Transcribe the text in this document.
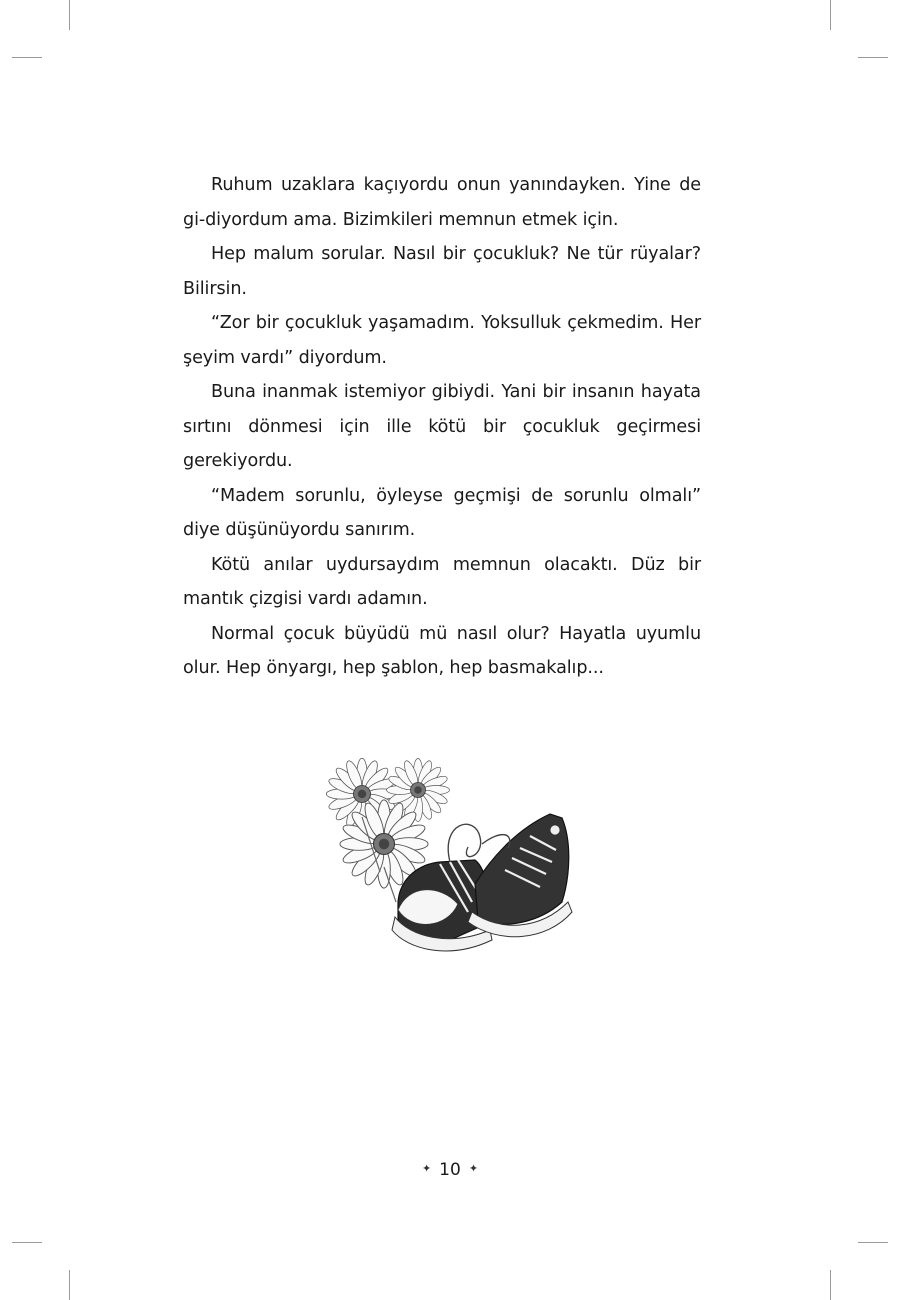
Ruhum uzaklara kaçıyordu onun yanındayken. Yine de gi-diyordum ama. Bizimkileri memnun etmek için.

Hep malum sorular. Nasıl bir çocukluk? Ne tür rüyalar? Bilirsin.

“Zor bir çocukluk yaşamadım. Yoksulluk çekmedim. Her şeyim vardı” diyordum.

Buna inanmak istemiyor gibiydi. Yani bir insanın hayata sırtını dönmesi için ille kötü bir çocukluk geçirmesi gerekiyordu.

“Madem sorunlu, öyleyse geçmişi de sorunlu olmalı” diye düşünüyordu sanırım.

Kötü anılar uydursaydım memnun olacaktı. Düz bir mantık çizgisi vardı adamın.

Normal çocuk büyüdü mü nasıl olur? Hayatla uyumlu olur. Hep önyargı, hep şablon, hep basmakalıp...

✦ 10 ✦
